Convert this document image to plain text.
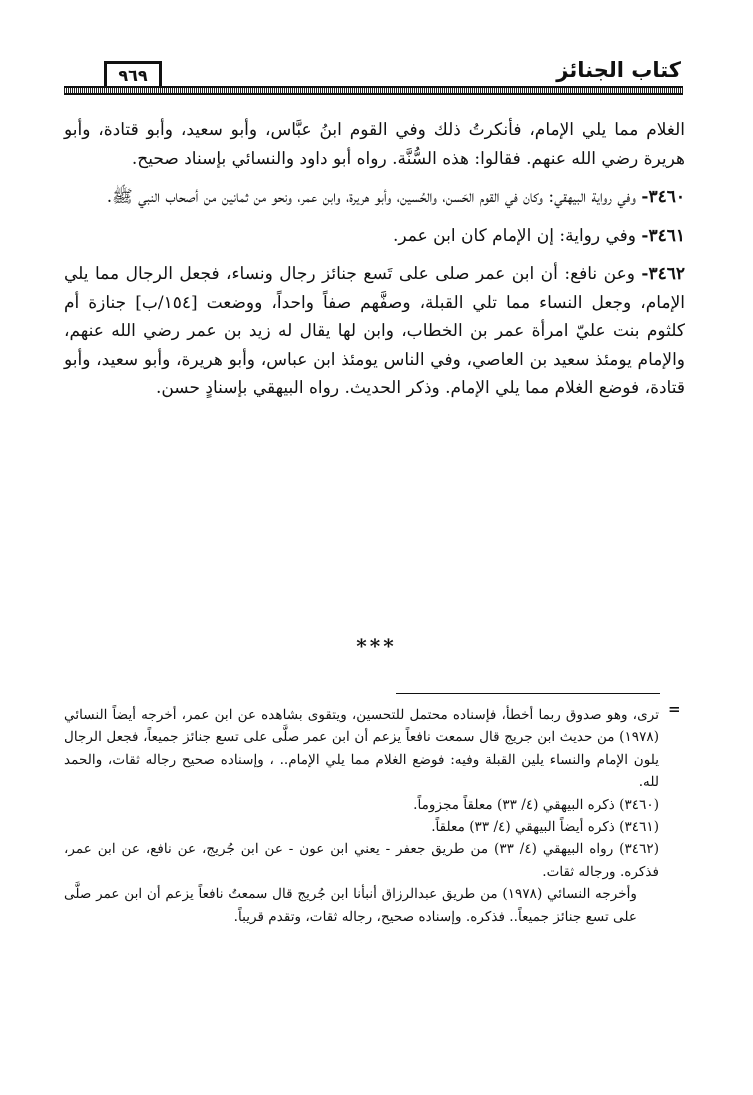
كتاب الجنائز
٩٦٩

الغلام مما يلي الإمام، فأنكرتُ ذلك وفي القوم ابنُ عبَّاس، وأبو سعيد، وأبو قتادة، وأبو هريرة رضي الله عنهم. فقالوا: هذه السُّنَّة. رواه أبو داود والنسائي بإسناد صحيح.

٣٤٦٠- وفي رواية البيهقي: وكان في القوم الحَسن، والحُسين، وأبو هريرة، وابن عمر، ونحو من ثمانين من أصحاب النبي ﷺ.

٣٤٦١- وفي رواية: إن الإمام كان ابن عمر.

٣٤٦٢- وعن نافع: أن ابن عمر صلى على تَسع جنائز رجال ونساء، فجعل الرجال مما يلي الإمام، وجعل النساء مما تلي القبلة، وصفَّهم صفاً واحداً، ووضعت [١٥٤/ب] جنازة أم كلثوم بنت عليّ امرأة عمر بن الخطاب، وابن لها يقال له زيد بن عمر رضي الله عنهم، والإمام يومئذ سعيد بن العاصي، وفي الناس يومئذ ابن عباس، وأبو هريرة، وأبو سعيد، وأبو قتادة، فوضع الغلام مما يلي الإمام. وذكر الحديث. رواه البيهقي بإسنادٍ حسن.

***
=

ترى، وهو صدوق ربما أخطأ، فإسناده محتمل للتحسين، ويتقوى بشاهده عن ابن عمر، أخرجه أيضاً النسائي (١٩٧٨) من حديث ابن جريج قال سمعت نافعاً يزعم أن ابن عمر صلَّى على تسع جنائز جميعاً، فجعل الرجال يلون الإمام والنساء يلين القبلة وفيه: فوضع الغلام مما يلي الإمام.. ، وإسناده صحيح رجاله ثقات، والحمد لله.

(٣٤٦٠) ذكره البيهقي (٤/ ٣٣) معلقاً مجزوماً.

(٣٤٦١) ذكره أيضاً البيهقي (٤/ ٣٣) معلقاً.

(٣٤٦٢) رواه البيهقي (٤/ ٣٣) من طريق جعفر - يعني ابن عون - عن ابن جُريج، عن نافع، عن ابن عمر، فذكره. ورجاله ثقات.

وأخرجه النسائي (١٩٧٨) من طريق عبدالرزاق أنبأنا ابن جُريج قال سمعتُ نافعاً يزعم أن ابن عمر صلَّى على تسع جنائز جميعاً.. فذكره. وإسناده صحيح، رجاله ثقات، وتقدم قريباً.
